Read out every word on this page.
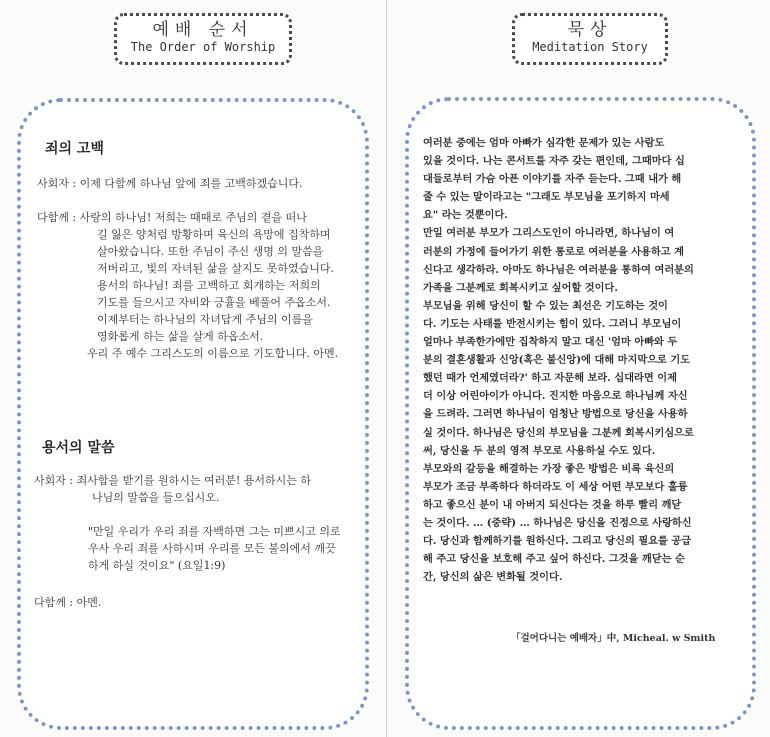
예배 순서
The Order of Worship
묵상
Meditation Story
죄의 고백
사회자 : 이제 다함께 하나님 앞에 죄를 고백하겠습니다.
다함께 : 사랑의 하나님! 저희는 때때로 주님의 곁을 떠나
길 잃은 양처럼 방황하며 육신의 욕망에 집착하며
살아왔습니다. 또한 주님이 주신 생명 의 말씀을
저버리고, 빛의 자녀된 삶을 살지도 못하였습니다.
용서의 하나님! 죄를 고백하고 회개하는 저희의
기도를 들으시고 자비와 긍휼을 베풀어 주옵소서.
이제부터는 하나님의 자녀답게 주님의 이름을
영화롭게 하는 삶을 살게 하옵소서.
우리 주 예수 그리스도의 이름으로 기도합니다. 아멘.
용서의 말씀
사회자 : 죄사함을 받기를 원하시는 여러분! 용서하시는 하
나님의 말씀을 들으십시오.
"만일 우리가 우리 죄를 자백하면 그는 미쁘시고 의로
우사 우리 죄를 사하시며 우리를 모든 불의에서 깨끗
하게 하실 것이요" (요일1:9)
다함께 : 아멘.
여러분 중에는 엄마 아빠가 심각한 문제가 있는 사람도
있을 것이다. 나는 콘서트를 자주 갖는 편인데, 그때마다 십
대들로부터 가슴 아픈 이야기를 자주 듣는다. 그때 내가 해
줄 수 있는 말이라고는 "그래도 부모님을 포기하지 마세
요" 라는 것뿐이다.
만일 여러분 부모가 그리스도인이 아니라면, 하나님이 여
러분의 가정에 들어가기 위한 통로로 여러분을 사용하고 계
신다고 생각하라. 아마도 하나님은 여러분을 통하여 여러분의
가족을 그분께로 회복시키고 싶어할 것이다.
부모님을 위해 당신이 할 수 있는 최선은 기도하는 것이
다. 기도는 사태를 반전시키는 힘이 있다. 그러니 부모님이
얼마나 부족한가에만 집착하지 말고 대신 '엄마 아빠와 두
분의 결혼생활과 신앙(혹은 불신앙)에 대해 마지막으로 기도
했던 때가 언제였더라?' 하고 자문해 보라. 십대라면 이제
더 이상 어린아이가 아니다. 진지한 마음으로 하나님께 자신
을 드려라. 그러면 하나님이 엄청난 방법으로 당신을 사용하
실 것이다. 하나님은 당신의 부모님을 그분께 회복시키심으로
써, 당신을 두 분의 영적 부모로 사용하실 수도 있다.
부모와의 갈등을 해결하는 가장 좋은 방법은 비록 육신의
부모가 조금 부족하다 하더라도 이 세상 어떤 부모보다 훌륭
하고 좋으신 분이 내 아버지 되신다는 것을 하루 빨리 깨닫
는 것이다. … (중략) … 하나님은 당신을 진정으로 사랑하신
다. 당신과 함께하기를 원하신다. 그리고 당신의 필요를 공급
해 주고 당신을 보호해 주고 싶어 하신다. 그것을 깨닫는 순
간, 당신의 삶은 변화될 것이다.
「걸어다니는 예배자」中, Micheal. w Smith
